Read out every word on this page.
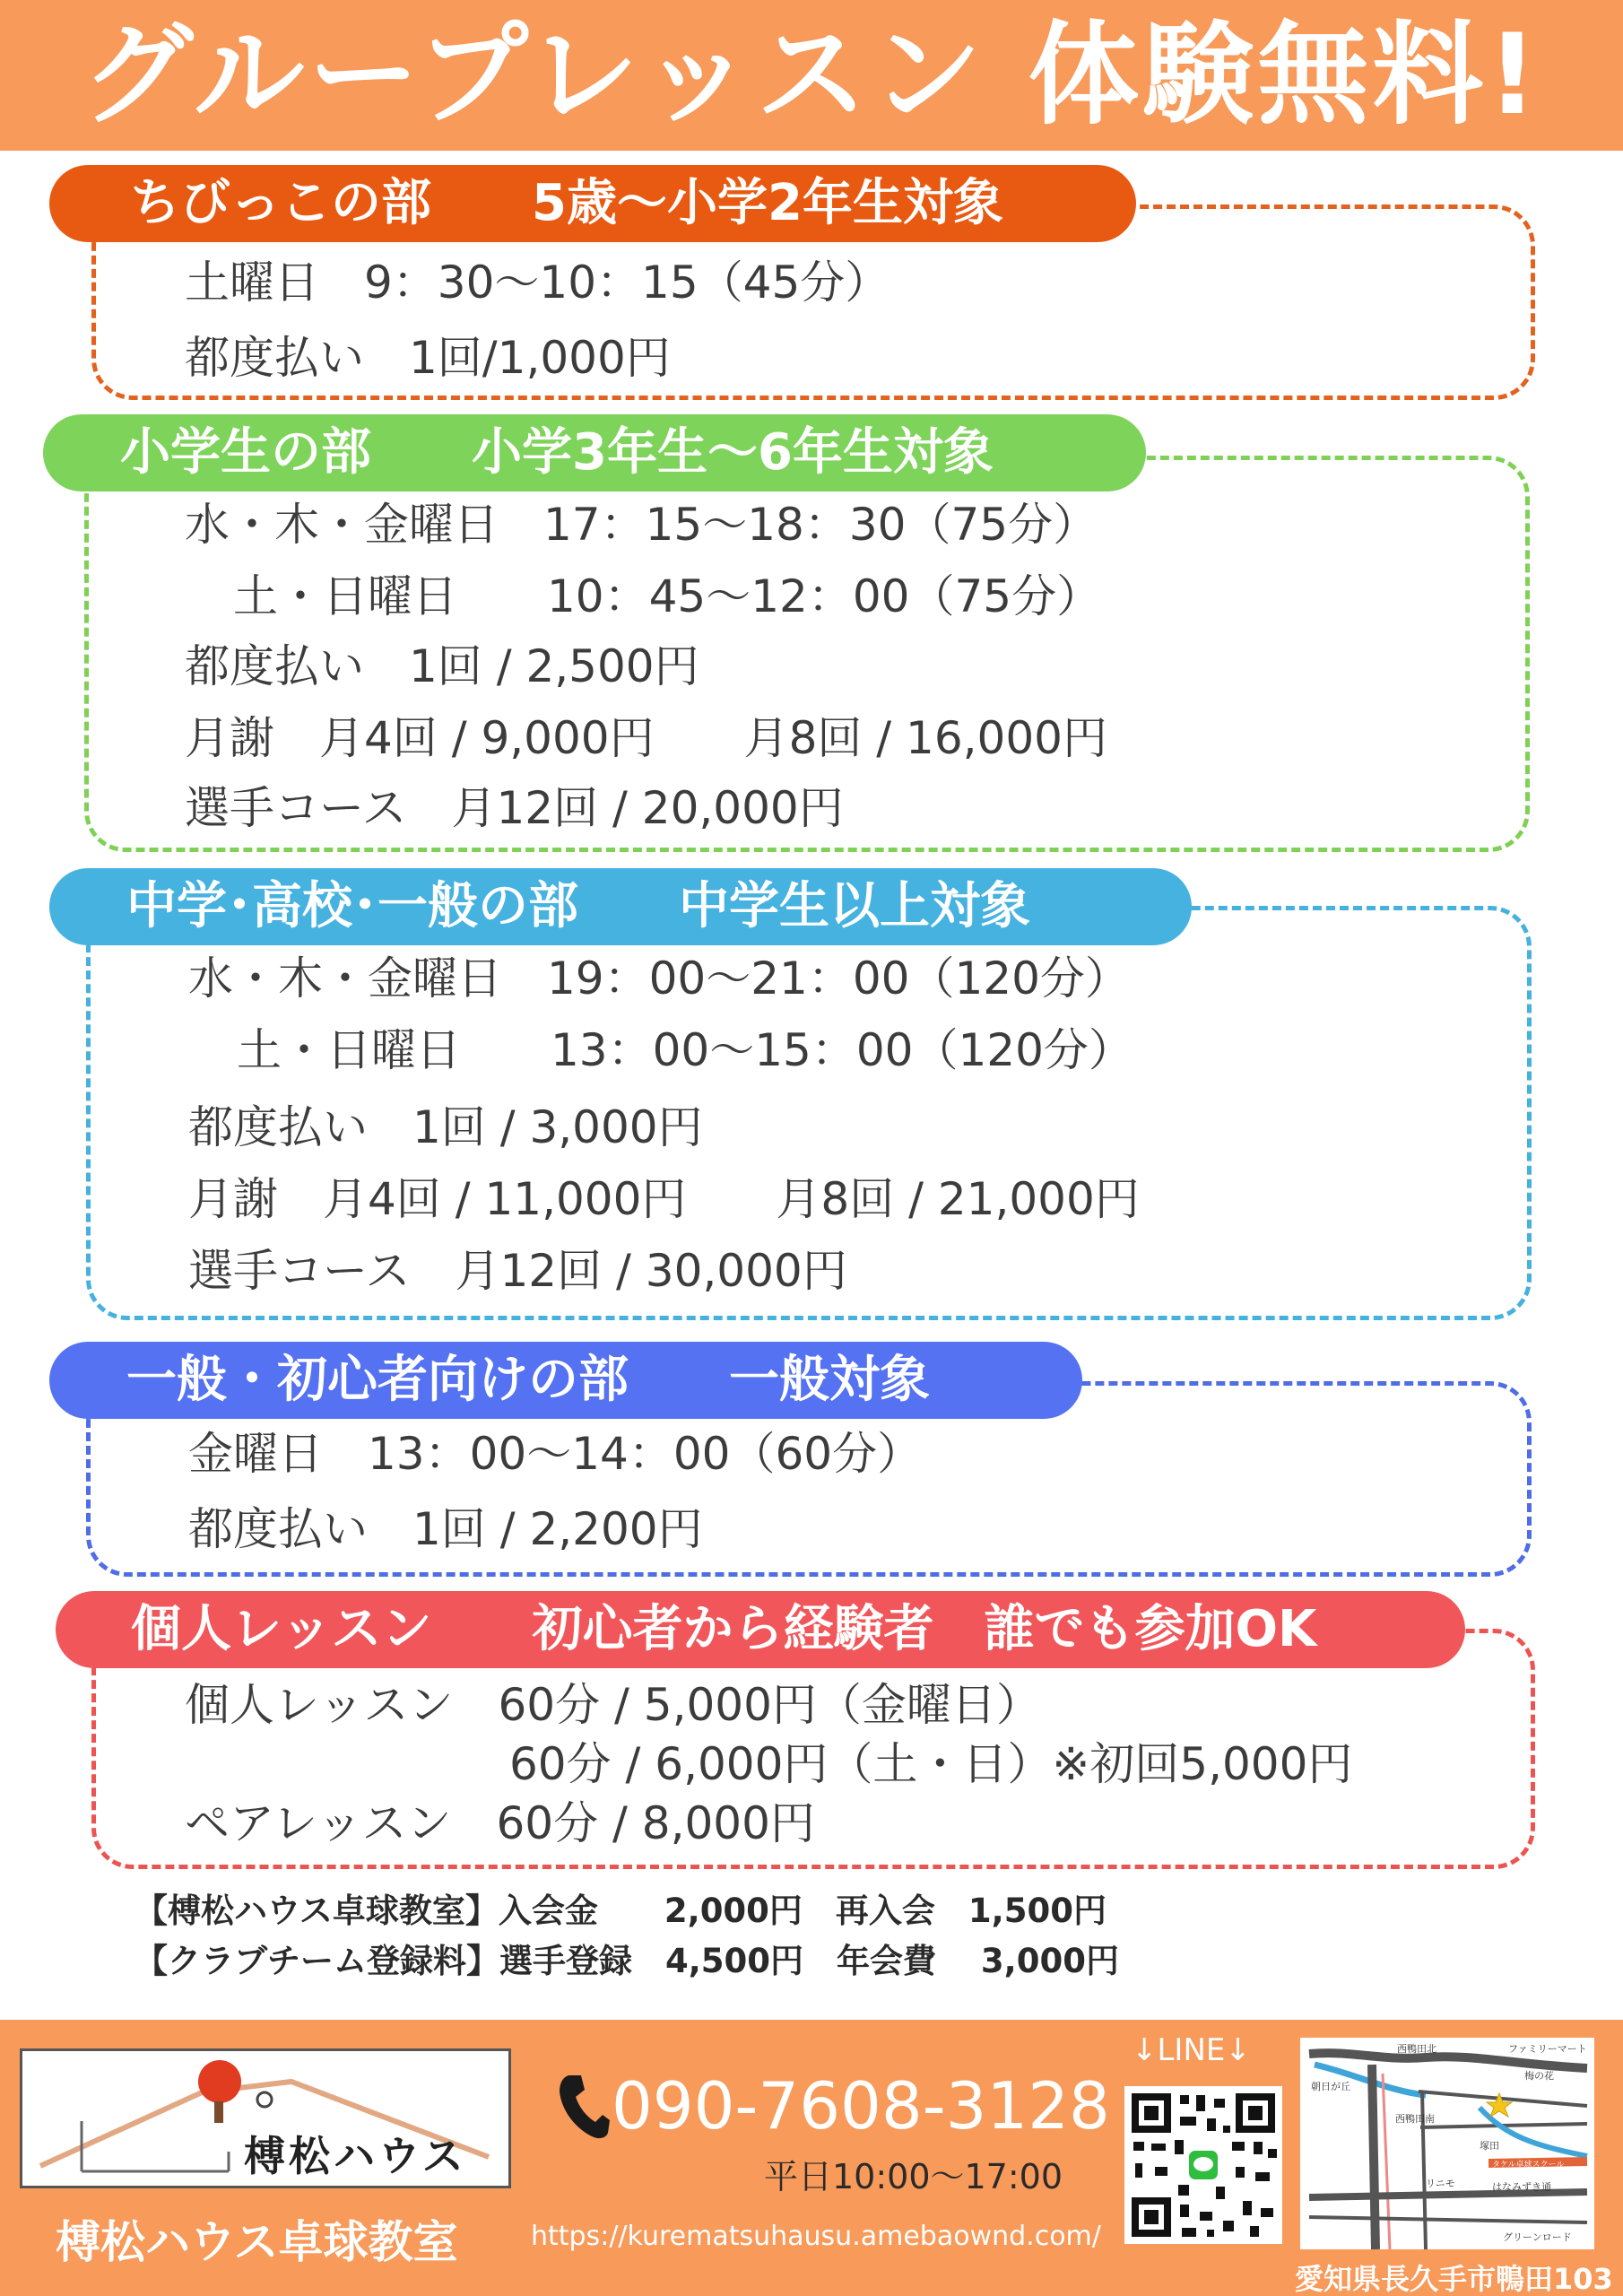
グループレッスン 体験無料!
ちびっこの部　　5歳〜小学2年生対象
土曜日　9：30〜10：15（45分）
都度払い　1回/1,000円
小学生の部　　小学3年生〜6年生対象
水・木・金曜日　17：15〜18：30（75分）
土・日曜日　　10：45〜12：00（75分）
都度払い　1回 / 2,500円
月謝　月4回 / 9,000円　　月8回 / 16,000円
選手コース　月12回 / 20,000円
中学･高校･一般の部　　中学生以上対象
水・木・金曜日　19：00〜21：00（120分）
土・日曜日　　13：00〜15：00（120分）
都度払い　1回 / 3,000円
月謝　月4回 / 11,000円　　月8回 / 21,000円
選手コース　月12回 / 30,000円
一般・初心者向けの部　　一般対象
金曜日　13：00〜14：00（60分）
都度払い　1回 / 2,200円
個人レッスン　　初心者から経験者　誰でも参加OK
個人レッスン　60分 / 5,000円（金曜日）
60分 / 6,000円（土・日）※初回5,000円
ペアレッスン　60分 / 8,000円
【榑松ハウス卓球教室】入会金　　2,000円　再入会　1,500円
【クラブチーム登録料】選手登録　4,500円　年会費　 3,000円
榑松ハウス
榑松ハウス卓球教室
090-7608-3128
平日10:00〜17:00
https://kurematsuhausu.amebaownd.com/
↓LINE↓	西鴨田北	ファミリーマート
梅の花
朝日が丘
西鴨田南
塚田
リニモ
タケル卓球スクール
はなみずき通
グリーンロード
愛知県長久手市鴨田103
